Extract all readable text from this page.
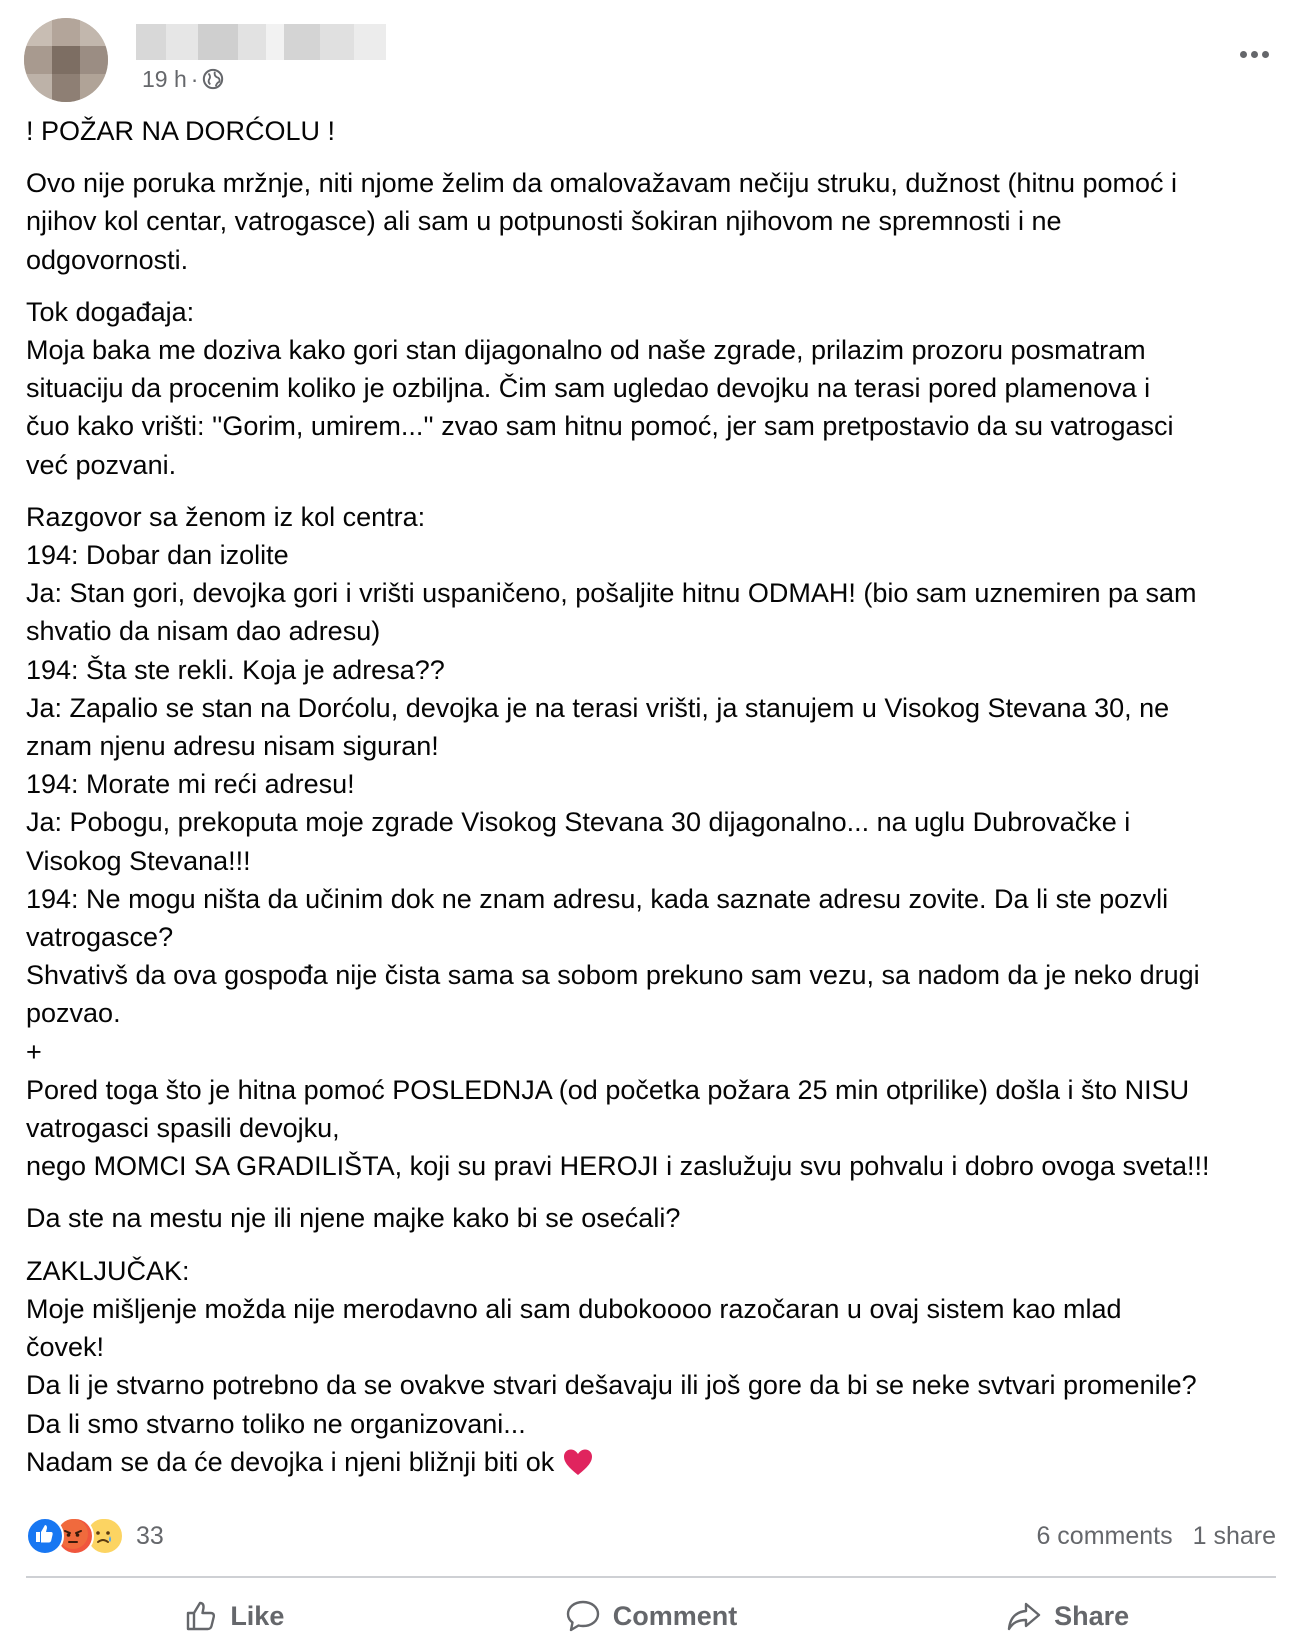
19 h ·

! POŽAR NA DORĆOLU !

Ovo nije poruka mržnje, niti njome želim da omalovažavam nečiju struku, dužnost (hitnu pomoć i
njihov kol centar, vatrogasce) ali sam u potpunosti šokiran njihovom ne spremnosti i ne
odgovornosti.

Tok događaja:
Moja baka me doziva kako gori stan dijagonalno od naše zgrade, prilazim prozoru posmatram
situaciju da procenim koliko je ozbiljna. Čim sam ugledao devojku na terasi pored plamenova i
čuo kako vrišti: ''Gorim, umirem...'' zvao sam hitnu pomoć, jer sam pretpostavio da su vatrogasci
već pozvani.

Razgovor sa ženom iz kol centra:
194: Dobar dan izolite
Ja: Stan gori, devojka gori i vrišti uspaničeno, pošaljite hitnu ODMAH! (bio sam uznemiren pa sam
shvatio da nisam dao adresu)
194: Šta ste rekli. Koja je adresa??
Ja: Zapalio se stan na Dorćolu, devojka je na terasi vrišti, ja stanujem u Visokog Stevana 30, ne
znam njenu adresu nisam siguran!
194: Morate mi reći adresu!
Ja: Pobogu, prekoputa moje zgrade Visokog Stevana 30 dijagonalno... na uglu Dubrovačke i
Visokog Stevana!!!
194: Ne mogu ništa da učinim dok ne znam adresu, kada saznate adresu zovite. Da li ste pozvli
vatrogasce?
Shvativš da ova gospođa nije čista sama sa sobom prekuno sam vezu, sa nadom da je neko drugi
pozvao.
+
Pored toga što je hitna pomoć POSLEDNJA (od početka požara 25 min otprilike) došla i što NISU
vatrogasci spasili devojku,
nego MOMCI SA GRADILIŠTA, koji su pravi HEROJI i zaslužuju svu pohvalu i dobro ovoga sveta!!!

Da ste na mestu nje ili njene majke kako bi se osećali?

ZAKLJUČAK:
Moje mišljenje možda nije merodavno ali sam dubokoooo razočaran u ovaj sistem kao mlad
čovek!
Da li je stvarno potrebno da se ovakve stvari dešavaju ili još gore da bi se neke svtvari promenile?
Da li smo stvarno toliko ne organizovani...
Nadam se da će devojka i njeni bližnji biti ok

33	6 comments 1 share
Like	Comment	Share
